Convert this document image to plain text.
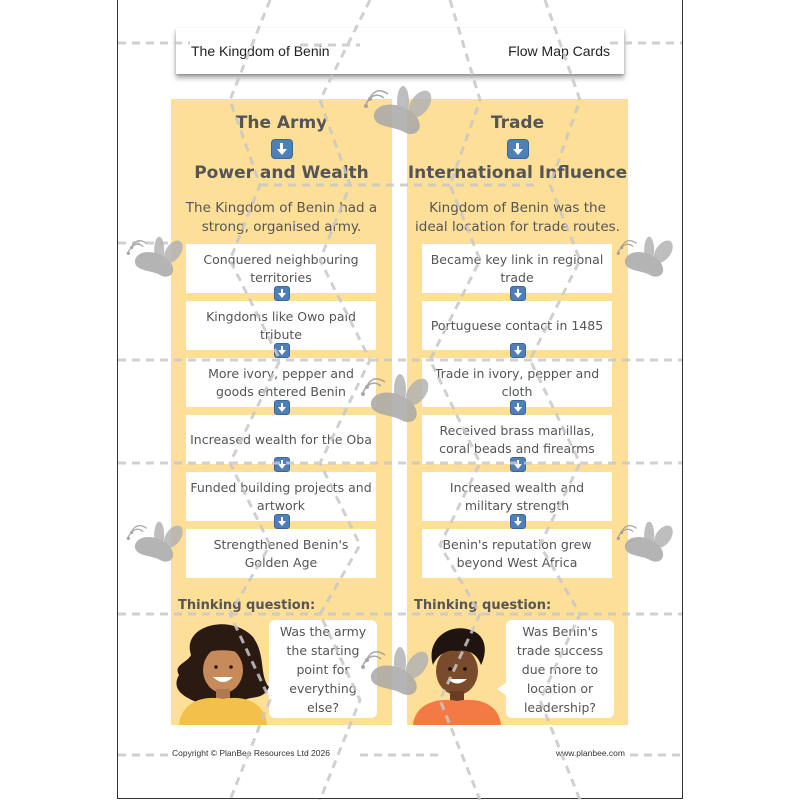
The Kingdom of Benin	Flow Map Cards
The Army
Power and Wealth
The Kingdom of Benin had a strong, organised army.
Conquered neighbouring territories
Kingdoms like Owo paid tribute
More ivory, pepper and goods entered Benin
Increased wealth for the Oba
Funded building projects and artwork
Strengthened Benin's Golden Age
Thinking question:
Was the army the starting point for everything else?
Trade
International Influence
Kingdom of Benin was the ideal location for trade routes.
Became key link in regional trade
Portuguese contact in 1485
Trade in ivory, pepper and cloth
Received brass manillas, coral beads and firearms
Increased wealth and military strength
Benin's reputation grew beyond West Africa
Thinking question:
Was Benin's trade success due more to location or leadership?
Copyright © PlanBee Resources Ltd 2026	www.planbee.com
